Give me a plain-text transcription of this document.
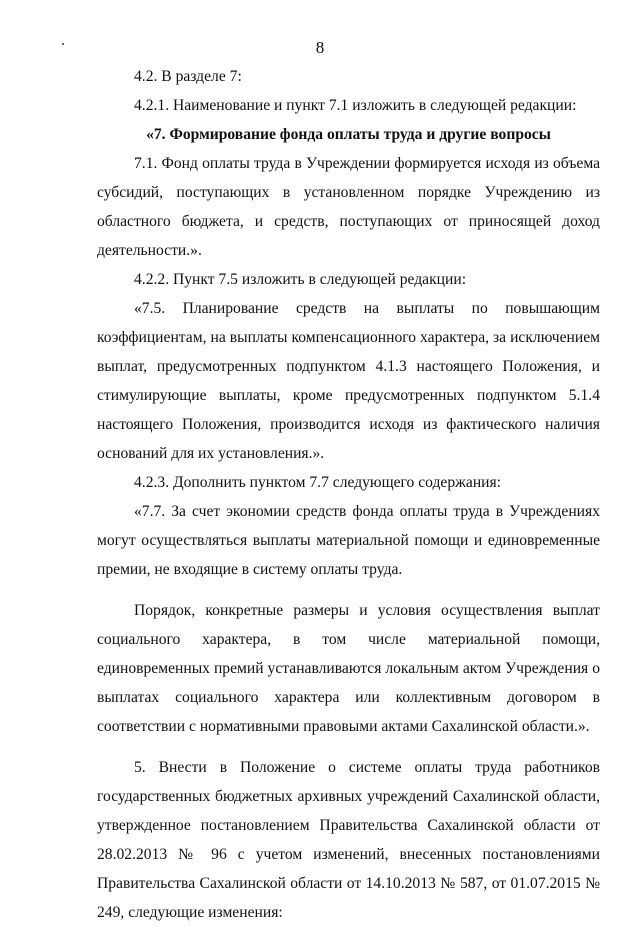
8

4.2. В разделе 7:

4.2.1. Наименование и пункт 7.1 изложить в следующей редакции:

«7. Формирование фонда оплаты труда и другие вопросы

7.1. Фонд оплаты труда в Учреждении формируется исходя из объема субсидий, поступающих в установленном порядке Учреждению из областного бюджета, и средств, поступающих от приносящей доход деятельности.».

4.2.2. Пункт 7.5 изложить в следующей редакции:

«7.5. Планирование средств на выплаты по повышающим коэффициентам, на выплаты компенсационного характера, за исключением выплат, предусмотренных подпунктом 4.1.3 настоящего Положения, и стимулирующие выплаты, кроме предусмотренных подпунктом 5.1.4 настоящего Положения, производится исходя из фактического наличия оснований для их установления.».

4.2.3. Дополнить пунктом 7.7 следующего содержания:

«7.7. За счет экономии средств фонда оплаты труда в Учреждениях могут осуществляться выплаты материальной помощи и единовременные премии, не входящие в систему оплаты труда.

Порядок, конкретные размеры и условия осуществления выплат социального характера, в том числе материальной помощи, единовременных премий устанавливаются локальным актом Учреждения о выплатах социального характера или коллективным договором в соответствии с нормативными правовыми актами Сахалинской области.».

5. Внести в Положение о системе оплаты труда работников государственных бюджетных архивных учреждений Сахалинской области, утвержденное постановлением Правительства Сахалинской области от 28.02.2013 № 96 с учетом изменений, внесенных постановлениями Правительства Сахалинской области от 14.10.2013 № 587, от 01.07.2015 № 249, следующие изменения:
